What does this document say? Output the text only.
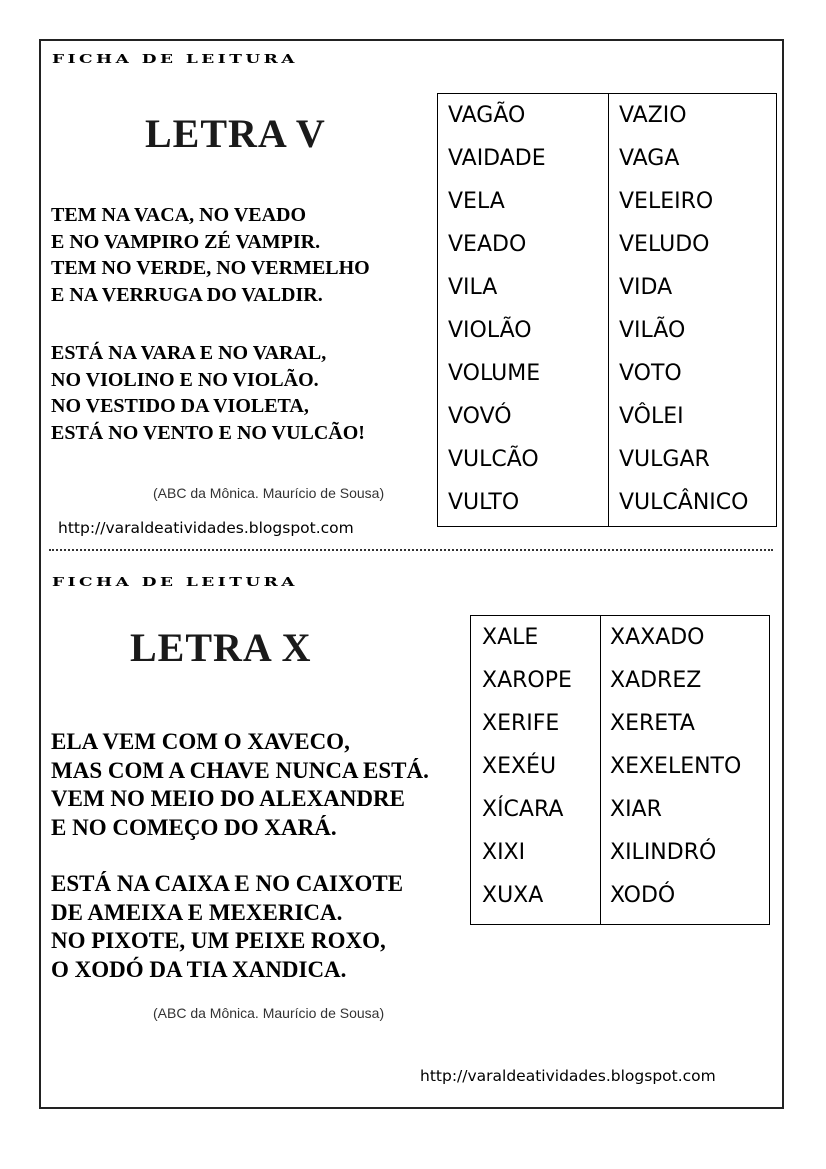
FICHA DE LEITURA
LETRA V

TEM NA VACA, NO VEADO

E NO VAMPIRO ZÉ VAMPIR.

TEM NO VERDE, NO VERMELHO

E NA VERRUGA DO VALDIR.

ESTÁ NA VARA E NO VARAL,

NO VIOLINO E NO VIOLÃO.

NO VESTIDO DA VIOLETA,

ESTÁ NO VENTO E NO VULCÃO!

(ABC da Mônica. Maurício de Sousa)
http://varaldeatividades.blogspot.com
VAGÃO
VAIDADE
VELA
VEADO
VILA
VIOLÃO
VOLUME
VOVÓ
VULCÃO
VULTO
VAZIO
VAGA
VELEIRO
VELUDO
VIDA
VILÃO
VOTO
VÔLEI
VULGAR
VULCÂNICO
FICHA DE LEITURA
LETRA X

ELA VEM COM O XAVECO,

MAS COM A CHAVE NUNCA ESTÁ.

VEM NO MEIO DO ALEXANDRE

E NO COMEÇO DO XARÁ.

ESTÁ NA CAIXA E NO CAIXOTE

DE AMEIXA E MEXERICA.

NO PIXOTE, UM PEIXE ROXO,

O XODÓ DA TIA XANDICA.

(ABC da Mônica. Maurício de Sousa)
http://varaldeatividades.blogspot.com
XALE
XAROPE
XERIFE
XEXÉU
XÍCARA
XIXI
XUXA
XAXADO
XADREZ
XERETA
XEXELENTO
XIAR
XILINDRÓ
XODÓ
